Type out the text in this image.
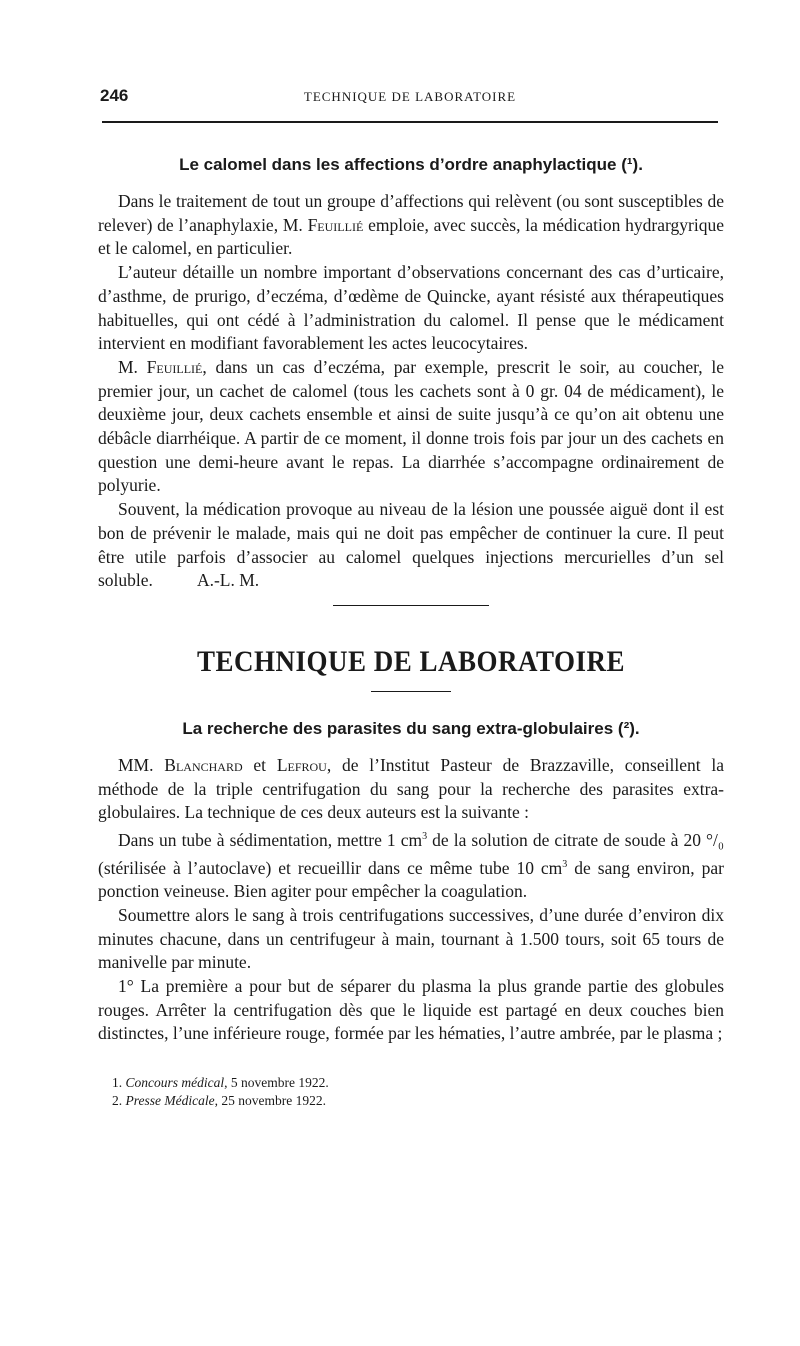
246	TECHNIQUE DE LABORATOIRE
Le calomel dans les affections d’ordre anaphylactique (¹).

Dans le traitement de tout un groupe d’affections qui relèvent (ou sont susceptibles de relever) de l’anaphylaxie, M. Feuillié emploie, avec succès, la médication hydrargyrique et le calomel, en particulier.

L’auteur détaille un nombre important d’observations concernant des cas d’urticaire, d’asthme, de prurigo, d’eczéma, d’œdème de Quincke, ayant résisté aux thérapeutiques habituelles, qui ont cédé à l’administration du calomel. Il pense que le médicament intervient en modifiant favorablement les actes leucocytaires.

M. Feuillié, dans un cas d’eczéma, par exemple, prescrit le soir, au coucher, le premier jour, un cachet de calomel (tous les cachets sont à 0 gr. 04 de médicament), le deuxième jour, deux cachets ensemble et ainsi de suite jusqu’à ce qu’on ait obtenu une débâcle diarrhéique. A partir de ce moment, il donne trois fois par jour un des cachets en question une demi-heure avant le repas. La diarrhée s’accompagne ordinairement de polyurie.

Souvent, la médication provoque au niveau de la lésion une poussée aiguë dont il est bon de prévenir le malade, mais qui ne doit pas empêcher de continuer la cure. Il peut être utile parfois d’associer au calomel quelques injections mercurielles d’un sel soluble.	A.-L. M.

TECHNIQUE DE LABORATOIRE
La recherche des parasites du sang extra-globulaires (²).

MM. Blanchard et Lefrou, de l’Institut Pasteur de Brazzaville, conseillent la méthode de la triple centrifugation du sang pour la recherche des parasites extra-globulaires. La technique de ces deux auteurs est la suivante :

Dans un tube à sédimentation, mettre 1 $cm^3$ de la solution de citrate de soude à 20 °/₀ (stérilisée à l’autoclave) et recueillir dans ce même tube 10 $cm^3$ de sang environ, par ponction veineuse. Bien agiter pour empêcher la coagulation.

Soumettre alors le sang à trois centrifugations successives, d’une durée d’environ dix minutes chacune, dans un centrifugeur à main, tournant à 1.500 tours, soit 65 tours de manivelle par minute.

1° La première a pour but de séparer du plasma la plus grande partie des globules rouges. Arrêter la centrifugation dès que le liquide est partagé en deux couches bien distinctes, l’une inférieure rouge, formée par les hématies, l’autre ambrée, par le plasma ;

1. Concours médical, 5 novembre 1922.
2. Presse Médicale, 25 novembre 1922.
